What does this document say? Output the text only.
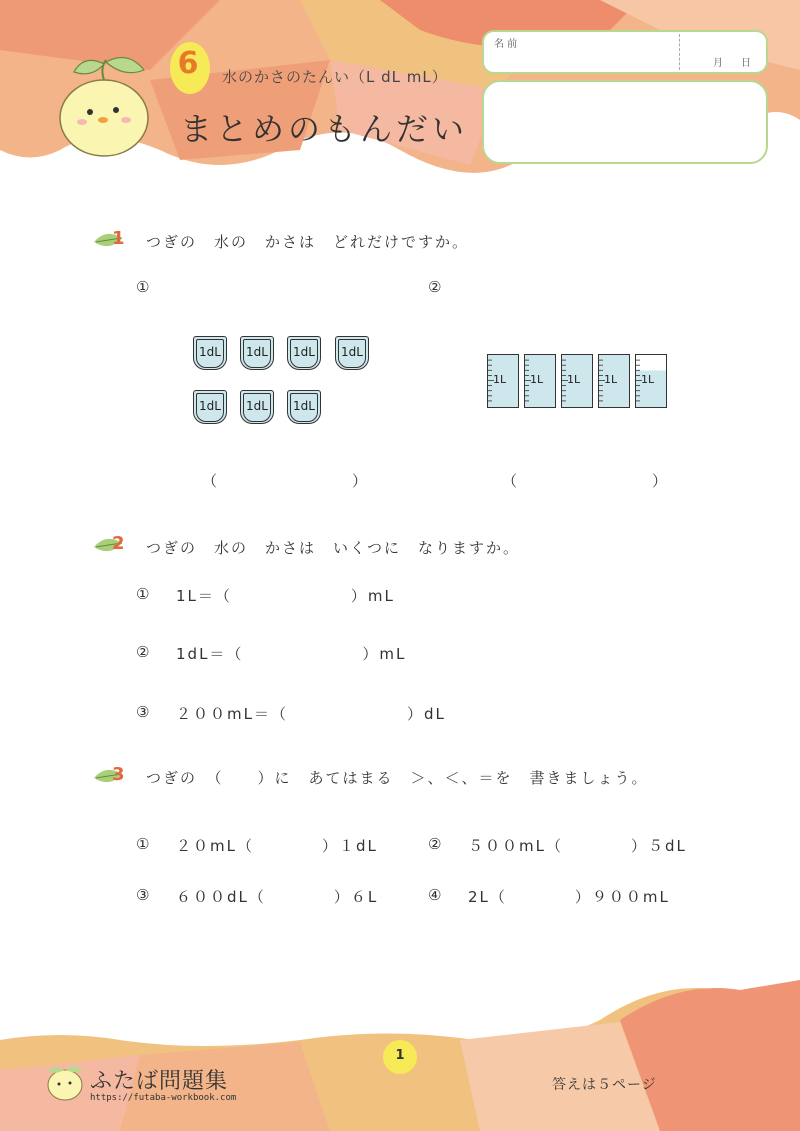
6	水のかさのたんい（L dL mL）
まとめのもんだい
名 前
月 日
1 つぎの　水の　かさは　どれだけですか。
①	②
1dL	1dL	1dL	1dL
1dL	1dL	1dL
1L 1L 1L 1L 1L
（　　　　　　　　　）	（　　　　　　　　　）
2 つぎの　水の　かさは　いくつに　なりますか。
① 1L＝（　　　　　　　）mL
② 1dL＝（　　　　　　　）mL
③ ２００mL＝（　　　　　　　）dL
3 つぎの　（　　）に　あてはまる　＞、＜、＝を　書きましょう。
① ２０mL（　　　　）１dL	② ５００mL（　　　　）５dL
③ ６００dL（　　　　）６L	④ 2L（　　　　）９００mL
1
ふたば問題集
https://futaba-workbook.com
答えは５ページ
